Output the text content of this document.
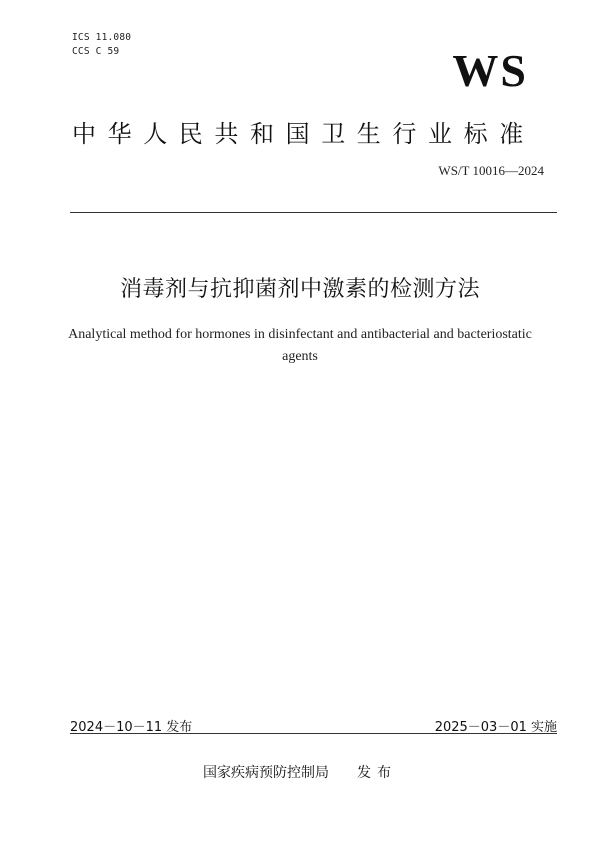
ICS 11.080
CCS C 59	WS
中华人民共和国卫生行业标准
WS/T 10016—2024
消毒剂与抗抑菌剂中激素的检测方法
Analytical method for hormones in disinfectant and antibacterial and bacteriostatic agents
2024－10－11 发布	2025－03－01 实施
国家疾病预防控制局 发布
